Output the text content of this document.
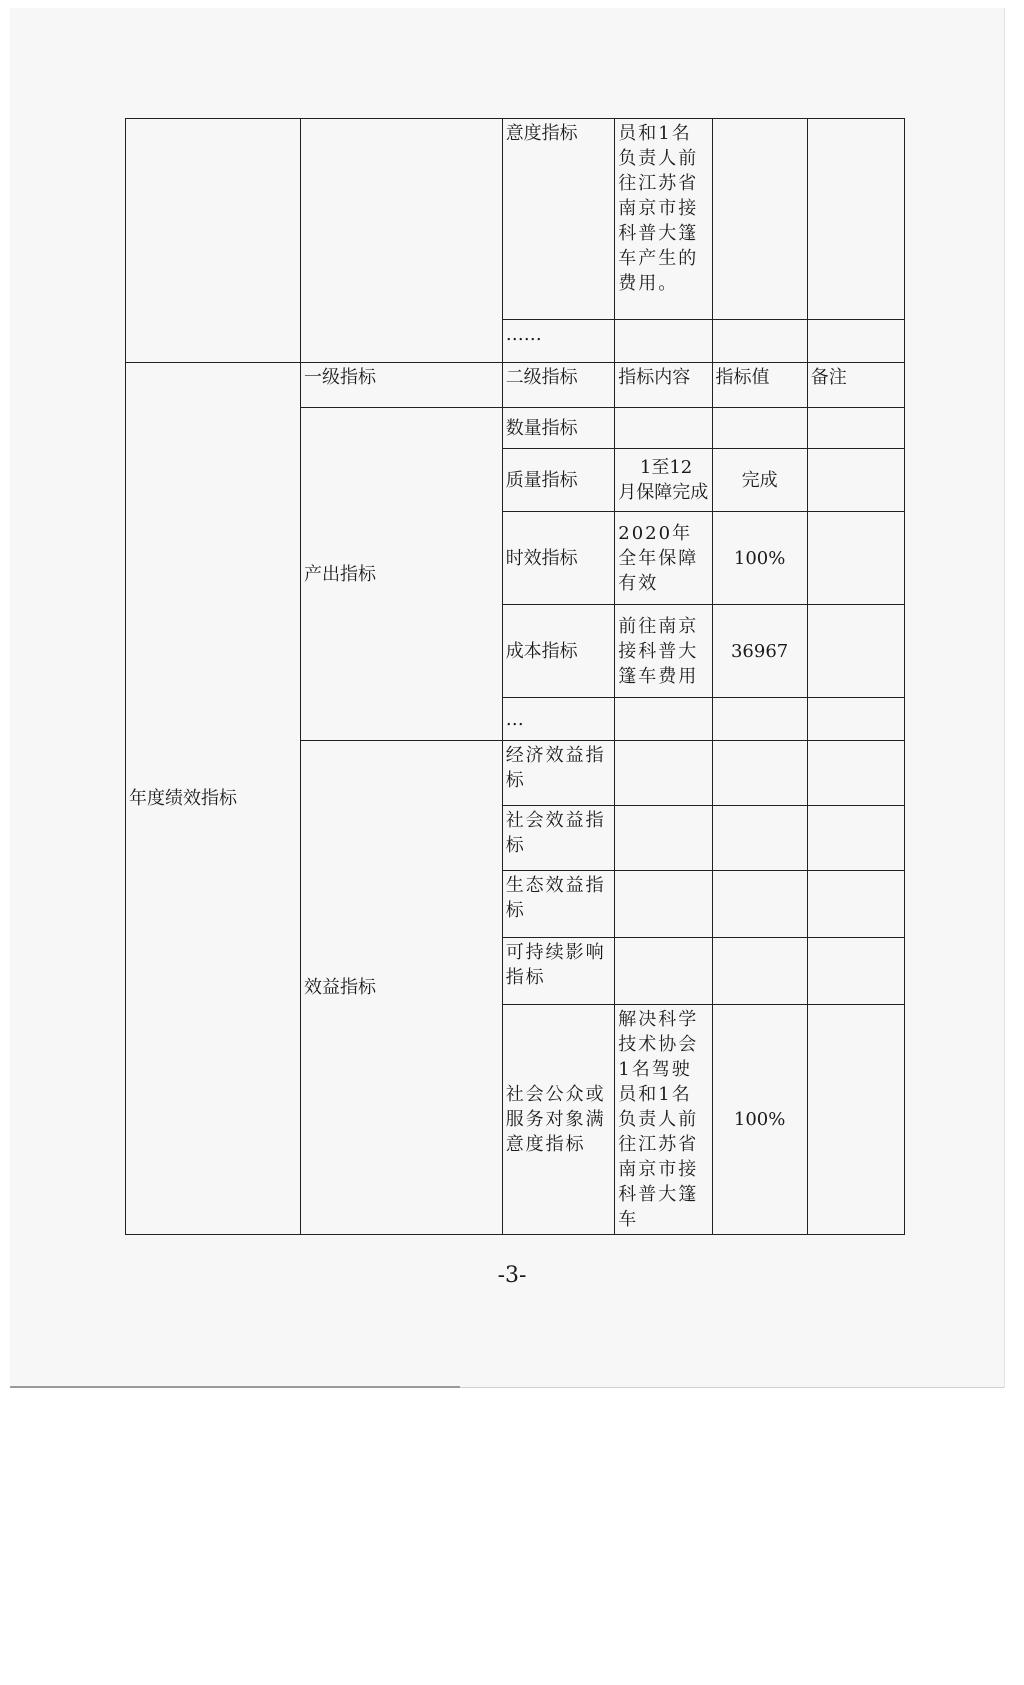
		意度指标	员和1名负责人前往江苏省南京市接科普大篷车产生的费用。		
		……			
年度绩效指标	一级指标	二级指标	指标内容	指标值	备注
	产出指标	数量指标			
		质量指标	1至12月保障完成	完成	
		时效指标	2020年全年保障有效	100%	
		成本指标	前往南京接科普大篷车费用	36967	
		…			
	效益指标	经济效益指标			
		社会效益指标			
		生态效益指标			
		可持续影响指标			
		社会公众或服务对象满意度指标	解决科学技术协会1名驾驶员和1名负责人前往江苏省南京市接科普大篷车	100%	
-3-
